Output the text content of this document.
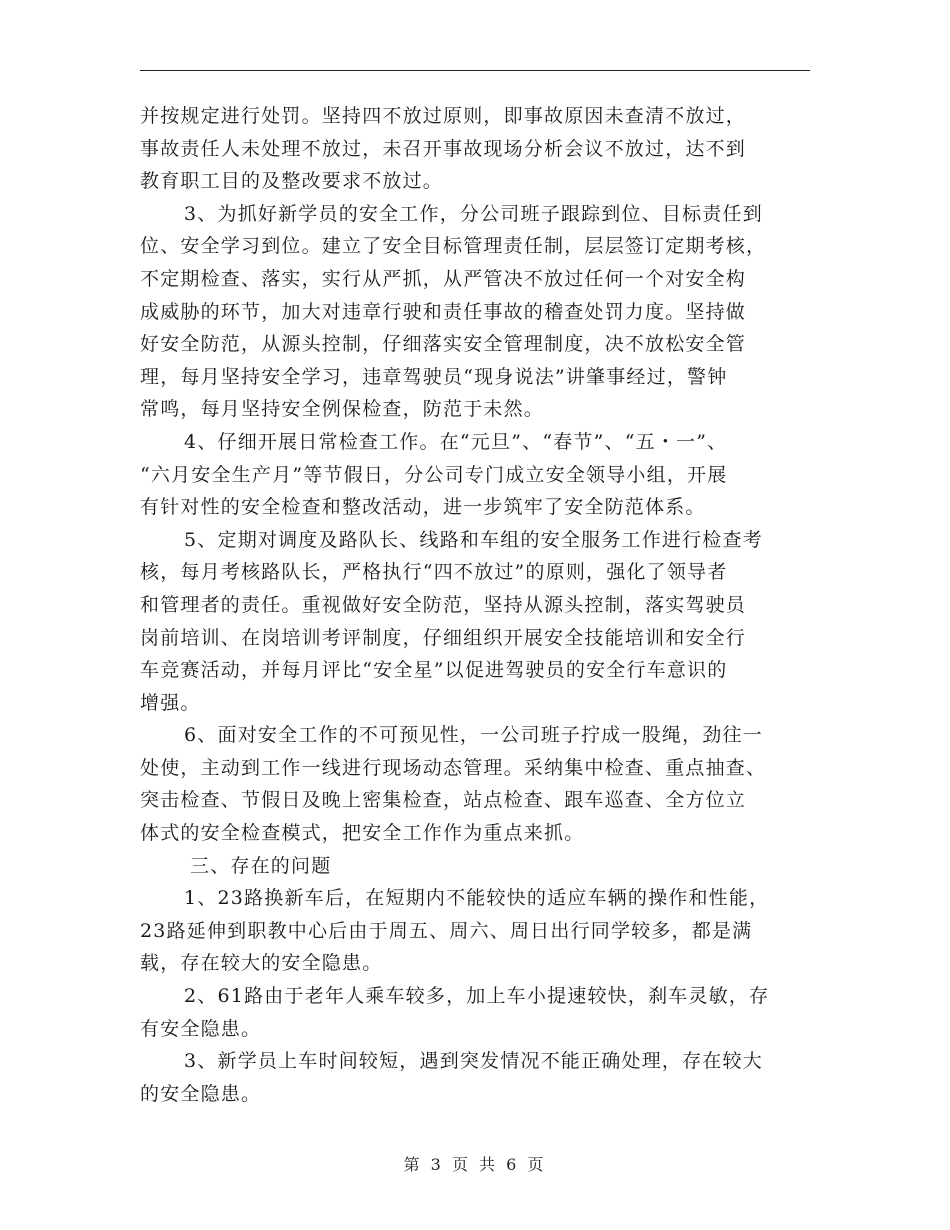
并按规定进行处罚。坚持四不放过原则，即事故原因未查清不放过，
事故责任人未处理不放过，未召开事故现场分析会议不放过，达不到
教育职工目的及整改要求不放过。
3、为抓好新学员的安全工作，分公司班子跟踪到位、目标责任到
位、安全学习到位。建立了安全目标管理责任制，层层签订定期考核，
不定期检查、落实，实行从严抓，从严管决不放过任何一个对安全构
成威胁的环节，加大对违章行驶和责任事故的稽查处罚力度。坚持做
好安全防范，从源头控制，仔细落实安全管理制度，决不放松安全管
理，每月坚持安全学习，违章驾驶员“现身说法”讲肇事经过，警钟
常鸣，每月坚持安全例保检查，防范于未然。
4、仔细开展日常检查工作。在“元旦”、“春节”、“五・一”、
“六月安全生产月”等节假日，分公司专门成立安全领导小组，开展
有针对性的安全检查和整改活动，进一步筑牢了安全防范体系。
5、定期对调度及路队长、线路和车组的安全服务工作进行检查考
核，每月考核路队长，严格执行“四不放过”的原则，强化了领导者
和管理者的责任。重视做好安全防范，坚持从源头控制，落实驾驶员
岗前培训、在岗培训考评制度，仔细组织开展安全技能培训和安全行
车竞赛活动，并每月评比“安全星”以促进驾驶员的安全行车意识的
增强。
6、面对安全工作的不可预见性，一公司班子拧成一股绳，劲往一
处使，主动到工作一线进行现场动态管理。采纳集中检查、重点抽查、
突击检查、节假日及晚上密集检查，站点检查、跟车巡查、全方位立
体式的安全检查模式，把安全工作作为重点来抓。
三、存在的问题
1、23路换新车后，在短期内不能较快的适应车辆的操作和性能，
23路延伸到职教中心后由于周五、周六、周日出行同学较多，都是满
载，存在较大的安全隐患。
2、61路由于老年人乘车较多，加上车小提速较快，刹车灵敏，存
有安全隐患。
3、新学员上车时间较短，遇到突发情况不能正确处理，存在较大
的安全隐患。
第 3 页 共 6 页
